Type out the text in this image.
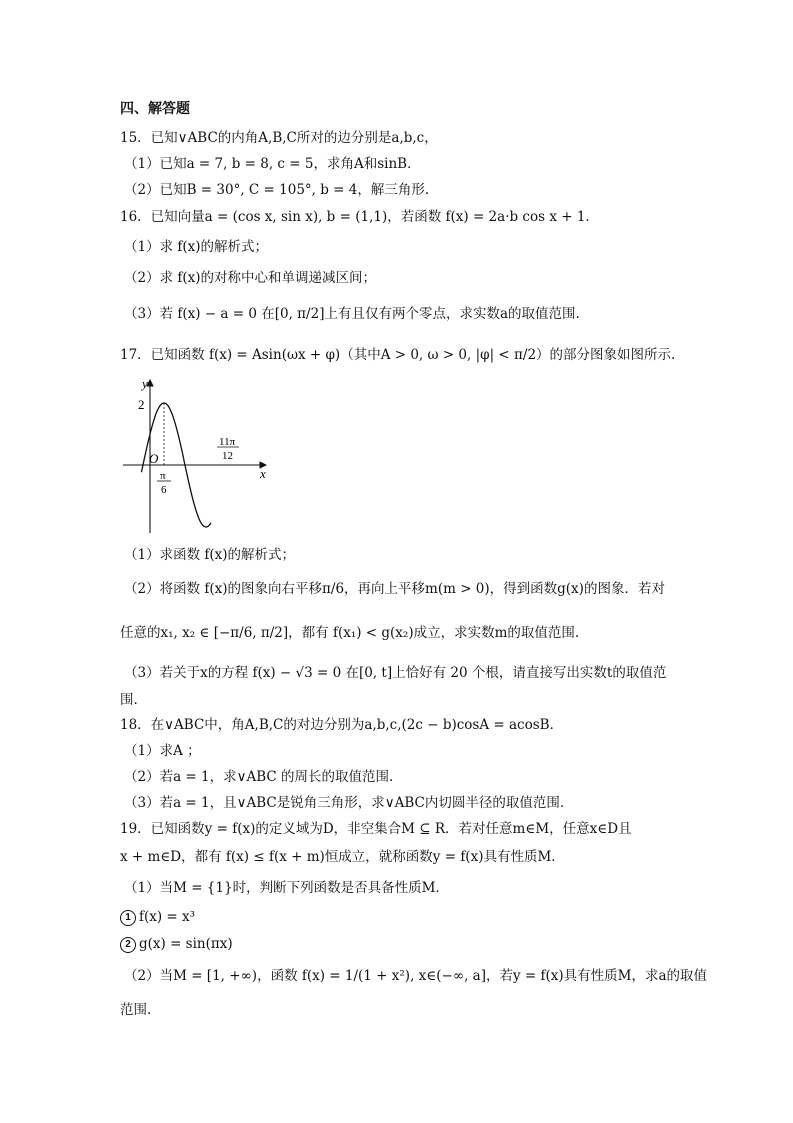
四、解答题
15．已知∨ABC的内角A,B,C所对的边分别是a,b,c，
（1）已知a = 7, b = 8, c = 5，求角A和sinB．
（2）已知B = 30°, C = 105°, b = 4，解三角形.
16．已知向量a = (cos x, sin x), b = (1,1)，若函数 f(x) = 2a·b cos x + 1．
（1）求 f(x)的解析式；
（2）求 f(x)的对称中心和单调递减区间；
（3）若 f(x) − a = 0 在[0, π/2]上有且仅有两个零点，求实数a的取值范围.
17．已知函数 f(x) = Asin(ωx + φ)（其中A > 0, ω > 0, |φ| < π/2）的部分图象如图所示.
y
x
O
2
π
6
11π
12
（1）求函数 f(x)的解析式；
（2）将函数 f(x)的图象向右平移π/6，再向上平移m(m > 0)，得到函数g(x)的图象．若对
任意的x₁, x₂ ∈ [−π/6, π/2]，都有 f(x₁) < g(x₂)成立，求实数m的取值范围.
（3）若关于x的方程 f(x) − √3 = 0 在[0, t]上恰好有 20 个根，请直接写出实数t的取值范
围.
18．在∨ABC中，角A,B,C的对边分别为a,b,c,(2c − b)cosA = acosB．
（1）求A ；
（2）若a = 1，求∨ABC 的周长的取值范围.
（3）若a = 1，且∨ABC是锐角三角形，求∨ABC内切圆半径的取值范围.
19．已知函数y = f(x)的定义域为D，非空集合M ⊆ R．若对任意m∈M，任意x∈D且
x + m∈D，都有 f(x) ≤ f(x + m)恒成立，就称函数y = f(x)具有性质M．
（1）当M = {1}时，判断下列函数是否具备性质M．
1 f(x) = x³
2 g(x) = sin(πx)
（2）当M = [1, +∞)，函数 f(x) = 1/(1 + x²), x∈(−∞, a]，若y = f(x)具有性质M，求a的取值
范围.
